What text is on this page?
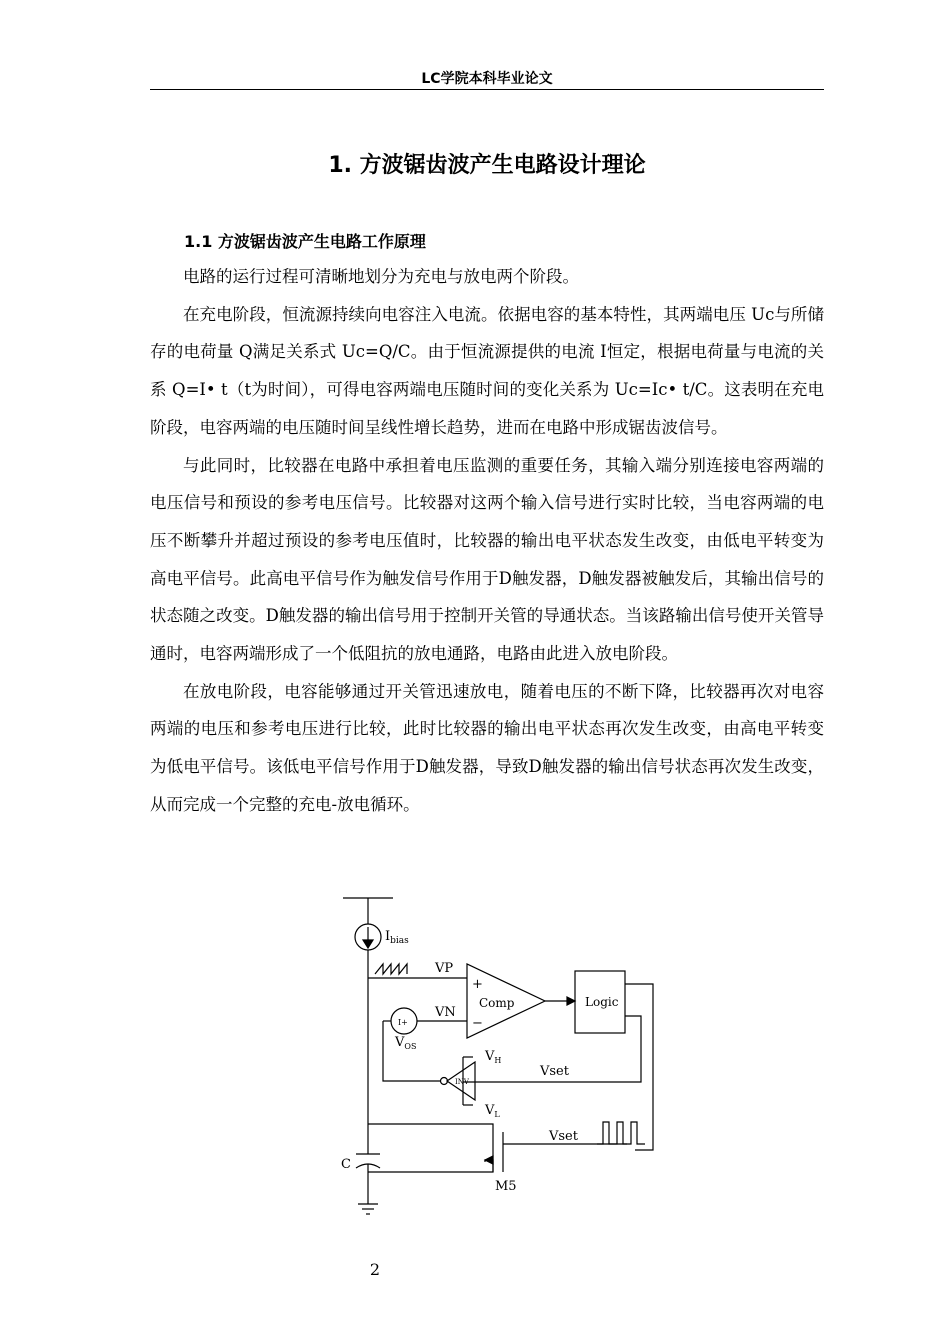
LC学院本科毕业论文
1. 方波锯齿波产生电路设计理论
1.1 方波锯齿波产生电路工作原理

电路的运行过程可清晰地划分为充电与放电两个阶段。

在充电阶段，恒流源持续向电容注入电流。依据电容的基本特性，其两端电压 Uc与所储存的电荷量 Q满足关系式 Uc=Q/C。由于恒流源提供的电流 I恒定，根据电荷量与电流的关系 Q=I• t（t为时间），可得电容两端电压随时间的变化关系为 Uc=Ic• t/C。这表明在充电阶段，电容两端的电压随时间呈线性增长趋势，进而在电路中形成锯齿波信号。

与此同时，比较器在电路中承担着电压监测的重要任务，其输入端分别连接电容两端的电压信号和预设的参考电压信号。比较器对这两个输入信号进行实时比较，当电容两端的电压不断攀升并超过预设的参考电压值时，比较器的输出电平状态发生改变，由低电平转变为高电平信号。此高电平信号作为触发信号作用于D触发器，D触发器被触发后，其输出信号的状态随之改变。D触发器的输出信号用于控制开关管的导通状态。当该路输出信号使开关管导通时，电容两端形成了一个低阻抗的放电通路，电路由此进入放电阶段。

在放电阶段，电容能够通过开关管迅速放电，随着电压的不断下降，比较器再次对电容两端的电压和参考电压进行比较，此时比较器的输出电平状态再次发生改变，由高电平转变为低电平信号。该低电平信号作用于D触发器，导致D触发器的输出信号状态再次发生改变，从而完成一个完整的充电-放电循环。

$I_{bias}$
VP
+
−
Comp	Logic
VN
I+
$V_{OS}$
$V_H$
$V_L$
INV
Vset
Vset
C
M5
2
